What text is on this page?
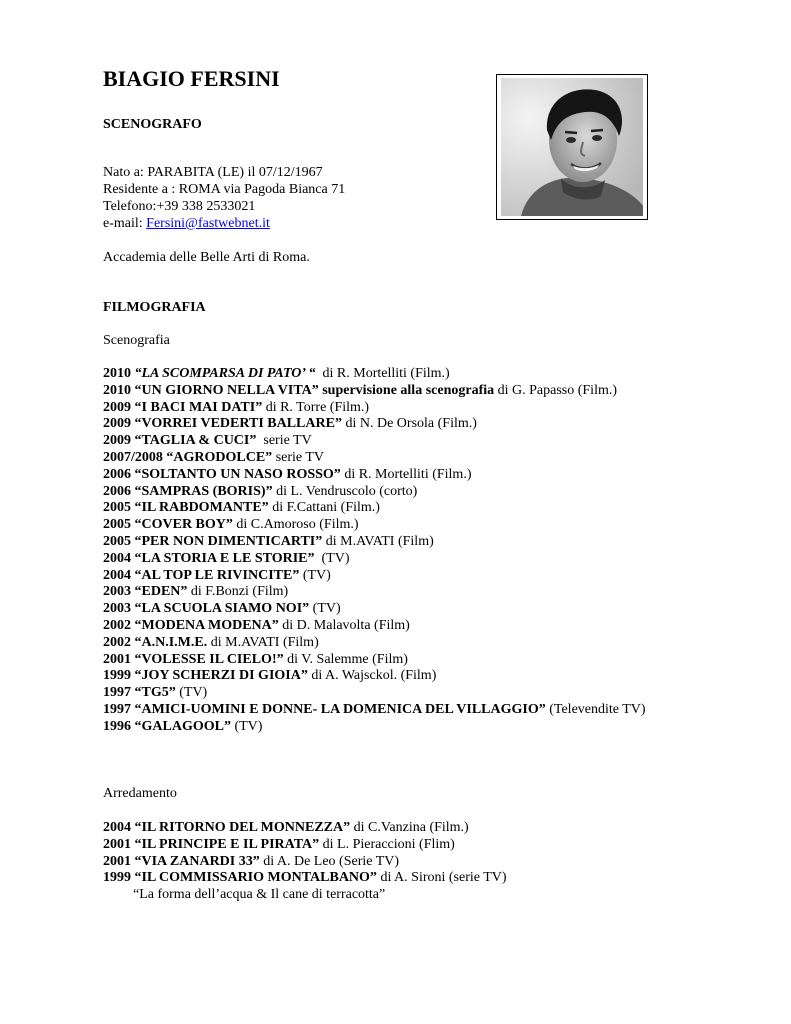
BIAGIO FERSINI
SCENOGRAFO
Nato a: PARABITA (LE) il 07/12/1967
Residente a : ROMA via Pagoda Bianca 71
Telefono:+39 338 2533021
e-mail: Fersini@fastwebnet.it
Accademia delle Belle Arti di Roma.
FILMOGRAFIA
Scenografia
2010 “LA SCOMPARSA DI PATO’ “  di R. Mortelliti (Film.)
2010 “UN GIORNO NELLA VITA” supervisione alla scenografia di G. Papasso (Film.)
2009 “I BACI MAI DATI” di R. Torre (Film.)
2009 “VORREI VEDERTI BALLARE” di N. De Orsola (Film.)
2009 “TAGLIA & CUCI”  serie TV
2007/2008 “AGRODOLCE” serie TV
2006 “SOLTANTO UN NASO ROSSO” di R. Mortelliti (Film.)
2006 “SAMPRAS (BORIS)” di L. Vendruscolo (corto)
2005 “IL RABDOMANTE” di F.Cattani (Film.)
2005 “COVER BOY” di C.Amoroso (Film.)
2005 “PER NON DIMENTICARTI” di M.AVATI (Film)
2004 “LA STORIA E LE STORIE”  (TV)
2004 “AL TOP LE RIVINCITE” (TV)
2003 “EDEN” di F.Bonzi (Film)
2003 “LA SCUOLA SIAMO NOI” (TV)
2002 “MODENA MODENA” di D. Malavolta (Film)
2002 “A.N.I.M.E. di M.AVATI (Film)
2001 “VOLESSE IL CIELO!” di V. Salemme (Film)
1999 “JOY SCHERZI DI GIOIA” di A. Wajsckol. (Film)
1997 “TG5” (TV)
1997 “AMICI-UOMINI E DONNE- LA DOMENICA DEL VILLAGGIO” (Televendite TV)
1996 “GALAGOOL” (TV)
Arredamento
2004 “IL RITORNO DEL MONNEZZA” di C.Vanzina (Film.)
2001 “IL PRINCIPE E IL PIRATA” di L. Pieraccioni (Flim)
2001 “VIA ZANARDI 33” di A. De Leo (Serie TV)
1999 “IL COMMISSARIO MONTALBANO” di A. Sironi (serie TV)
“La forma dell’acqua & Il cane di terracotta”
